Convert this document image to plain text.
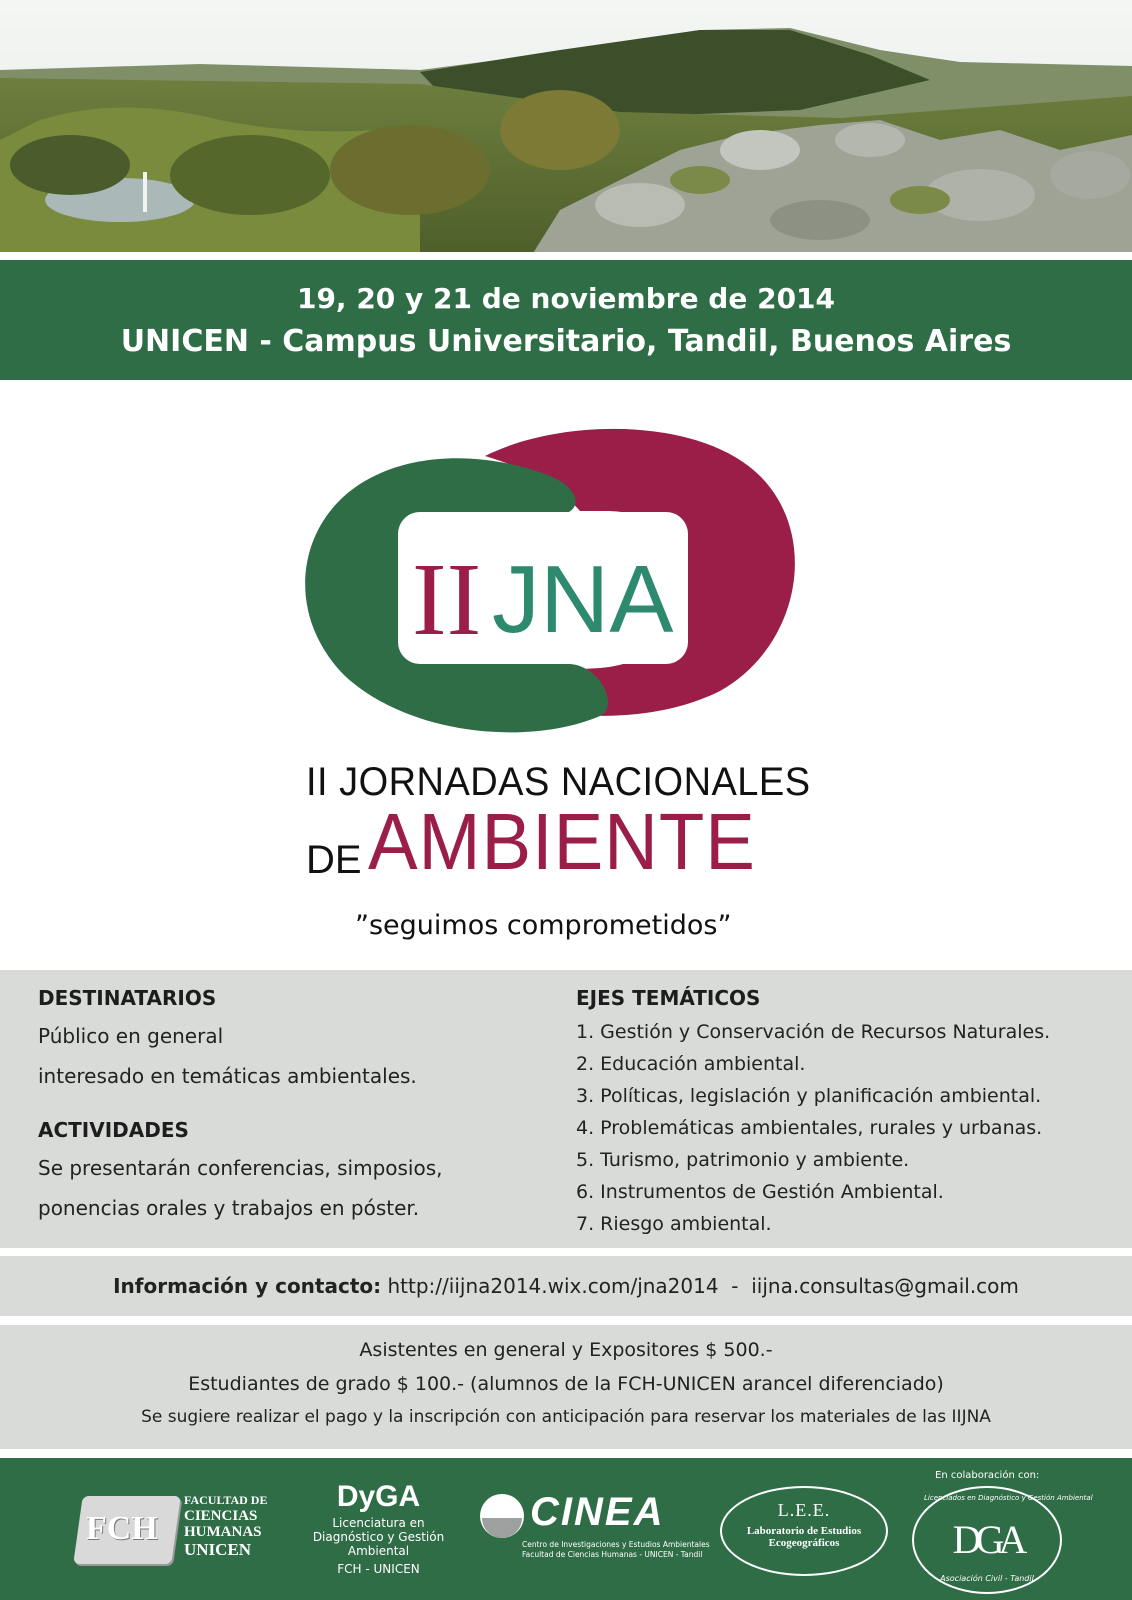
19, 20 y 21 de noviembre de 2014
UNICEN - Campus Universitario, Tandil, Buenos Aires
II JNA
II JORNADAS NACIONALES
DE AMBIENTE
”seguimos comprometidos”
DESTINATARIOS
Público en general
interesado en temáticas ambientales.
ACTIVIDADES
Se presentarán conferencias, simposios,
ponencias orales y trabajos en póster.
EJES TEMÁTICOS
1. Gestión y Conservación de Recursos Naturales.
2. Educación ambiental.
3. Políticas, legislación y planificación ambiental.
4. Problemáticas ambientales, rurales y urbanas.
5. Turismo, patrimonio y ambiente.
6. Instrumentos de Gestión Ambiental.
7. Riesgo ambiental.
Información y contacto: http://iijna2014.wix.com/jna2014 - iijna.consultas@gmail.com
Asistentes en general y Expositores $ 500.-
Estudiantes de grado $ 100.- (alumnos de la FCH-UNICEN arancel diferenciado)
Se sugiere realizar el pago y la inscripción con anticipación para reservar los materiales de las IIJNA
En colaboración con:
FCH
FACULTAD DE
CIENCIAS
HUMANAS
UNICEN
DyGA
Licenciatura en
Diagnóstico y Gestión Ambiental
FCH - UNICEN
CINEA
Centro de Investigaciones y Estudios Ambientales
Facultad de Ciencias Humanas - UNICEN - Tandil
L.E.E.
Laboratorio de Estudios
Ecogeográficos
Licenciados en Diagnóstico y Gestión Ambiental
DGA
Asociación Civil - Tandil
